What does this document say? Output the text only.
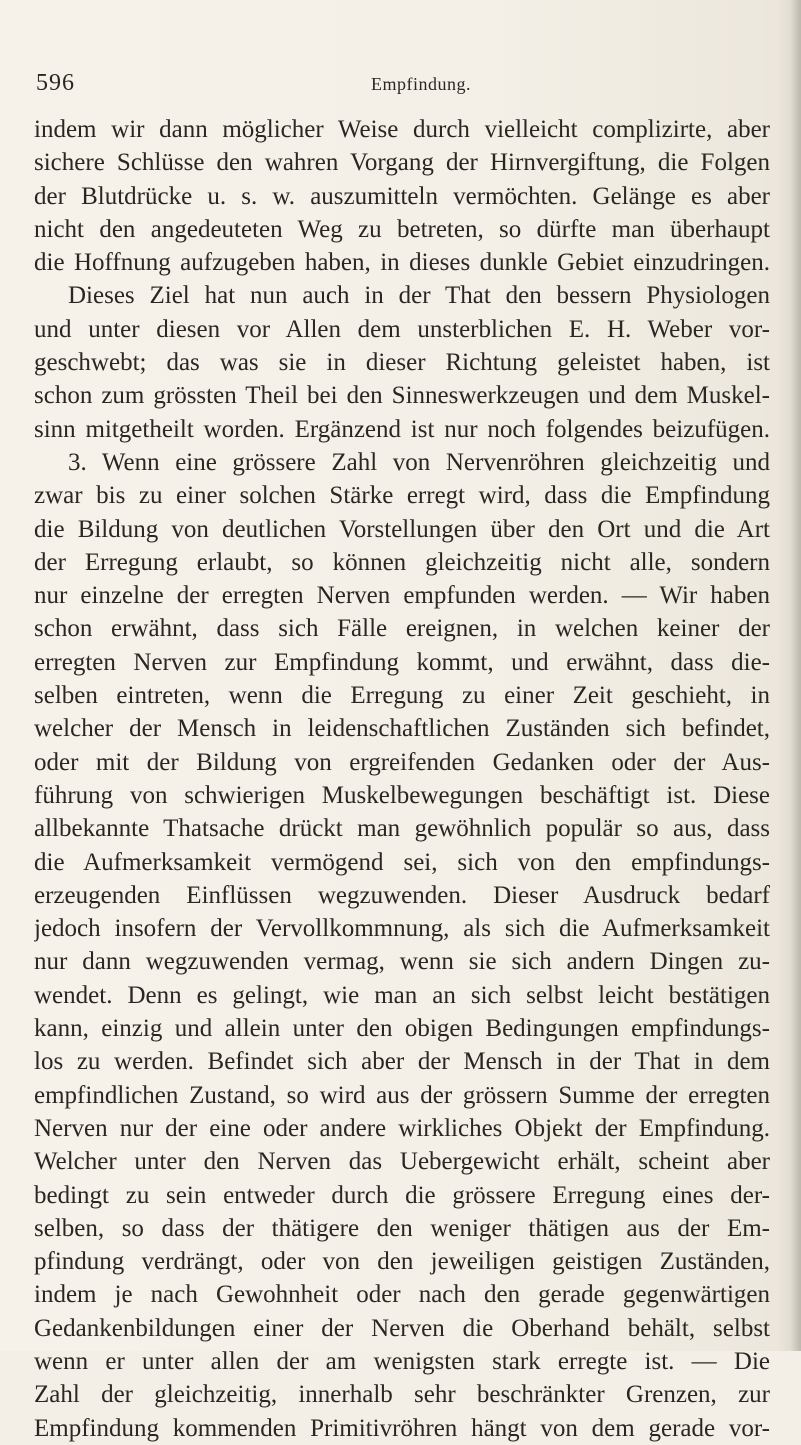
596	Empfindung.
indem wir dann möglicher Weise durch vielleicht complizirte, aber
sichere Schlüsse den wahren Vorgang der Hirnvergiftung, die Folgen
der Blutdrücke u. s. w. auszumitteln vermöchten. Gelänge es aber
nicht den angedeuteten Weg zu betreten, so dürfte man überhaupt
die Hoffnung aufzugeben haben, in dieses dunkle Gebiet einzudringen.
Dieses Ziel hat nun auch in der That den bessern Physiologen
und unter diesen vor Allen dem unsterblichen E. H. Weber vor-
geschwebt; das was sie in dieser Richtung geleistet haben, ist
schon zum grössten Theil bei den Sinneswerkzeugen und dem Muskel-
sinn mitgetheilt worden. Ergänzend ist nur noch folgendes beizufügen.
3. Wenn eine grössere Zahl von Nervenröhren gleichzeitig und
zwar bis zu einer solchen Stärke erregt wird, dass die Empfindung
die Bildung von deutlichen Vorstellungen über den Ort und die Art
der Erregung erlaubt, so können gleichzeitig nicht alle, sondern
nur einzelne der erregten Nerven empfunden werden. — Wir haben
schon erwähnt, dass sich Fälle ereignen, in welchen keiner der
erregten Nerven zur Empfindung kommt, und erwähnt, dass die-
selben eintreten, wenn die Erregung zu einer Zeit geschieht, in
welcher der Mensch in leidenschaftlichen Zuständen sich befindet,
oder mit der Bildung von ergreifenden Gedanken oder der Aus-
führung von schwierigen Muskelbewegungen beschäftigt ist. Diese
allbekannte Thatsache drückt man gewöhnlich populär so aus, dass
die Aufmerksamkeit vermögend sei, sich von den empfindungs-
erzeugenden Einflüssen wegzuwenden. Dieser Ausdruck bedarf
jedoch insofern der Vervollkommnung, als sich die Aufmerksamkeit
nur dann wegzuwenden vermag, wenn sie sich andern Dingen zu-
wendet. Denn es gelingt, wie man an sich selbst leicht bestätigen
kann, einzig und allein unter den obigen Bedingungen empfindungs-
los zu werden. Befindet sich aber der Mensch in der That in dem
empfindlichen Zustand, so wird aus der grössern Summe der erregten
Nerven nur der eine oder andere wirkliches Objekt der Empfindung.
Welcher unter den Nerven das Uebergewicht erhält, scheint aber
bedingt zu sein entweder durch die grössere Erregung eines der-
selben, so dass der thätigere den weniger thätigen aus der Em-
pfindung verdrängt, oder von den jeweiligen geistigen Zuständen,
indem je nach Gewohnheit oder nach den gerade gegenwärtigen
Gedankenbildungen einer der Nerven die Oberhand behält, selbst
wenn er unter allen der am wenigsten stark erregte ist. — Die
Zahl der gleichzeitig, innerhalb sehr beschränkter Grenzen, zur
Empfindung kommenden Primitivröhren hängt von dem gerade vor-
